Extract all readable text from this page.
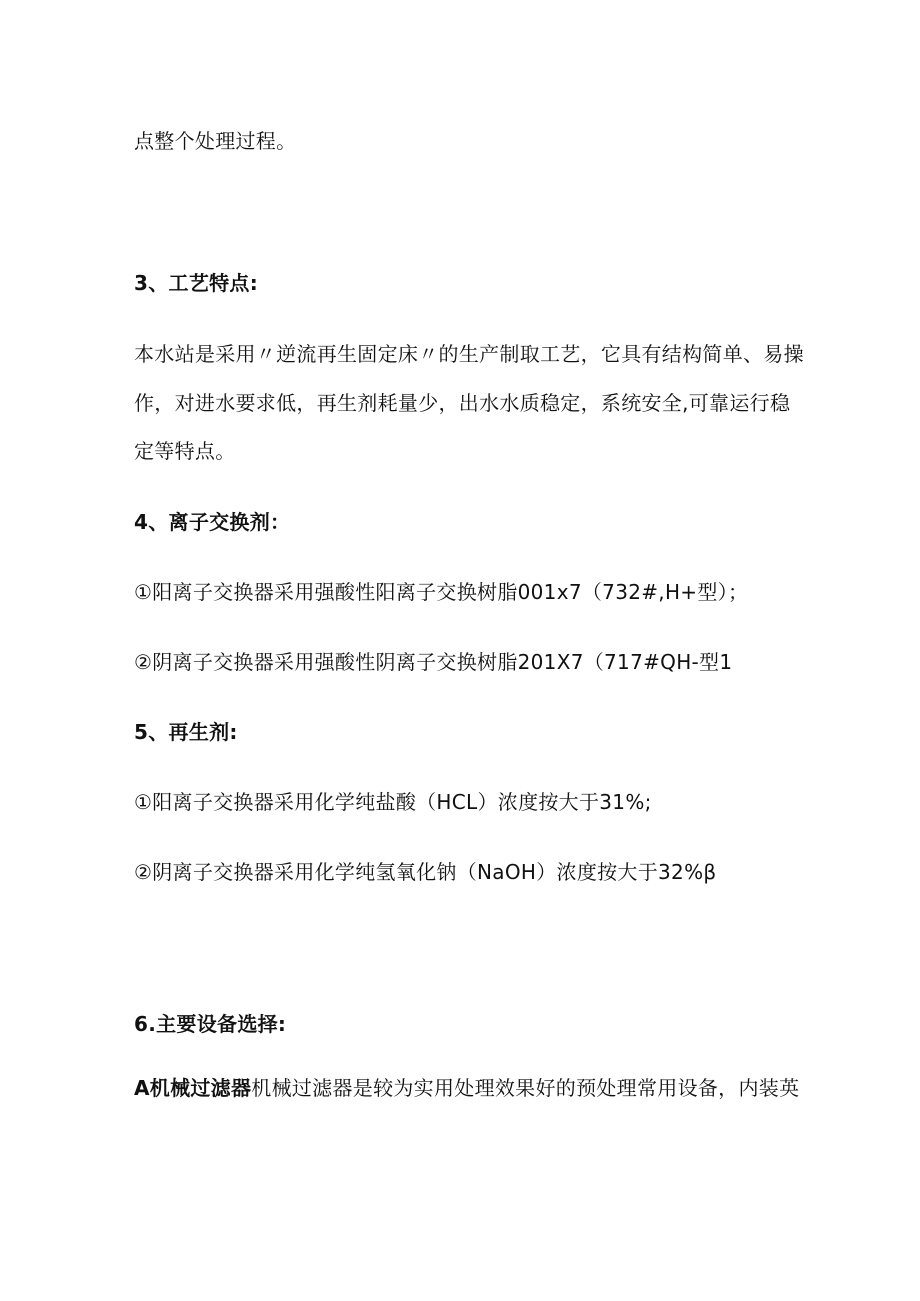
点整个处理过程。
3、工艺特点:
本水站是采用〃逆流再生固定床〃的生产制取工艺，它具有结构简单、易操
作，对进水要求低，再生剂耗量少，出水水质稳定，系统安全,可靠运行稳
定等特点。
4、离子交换剂：
①阳离子交换器采用强酸性阳离子交换树脂001x7（732#,H+型）；
②阴离子交换器采用强酸性阴离子交换树脂201X7（717#QH-型1
5、再生剂:
①阳离子交换器采用化学纯盐酸（HCL）浓度按大于31%;
②阴离子交换器采用化学纯氢氧化钠（NaOH）浓度按大于32%β
6.主要设备选择:
A机械过滤器机械过滤器是较为实用处理效果好的预处理常用设备，内装英
